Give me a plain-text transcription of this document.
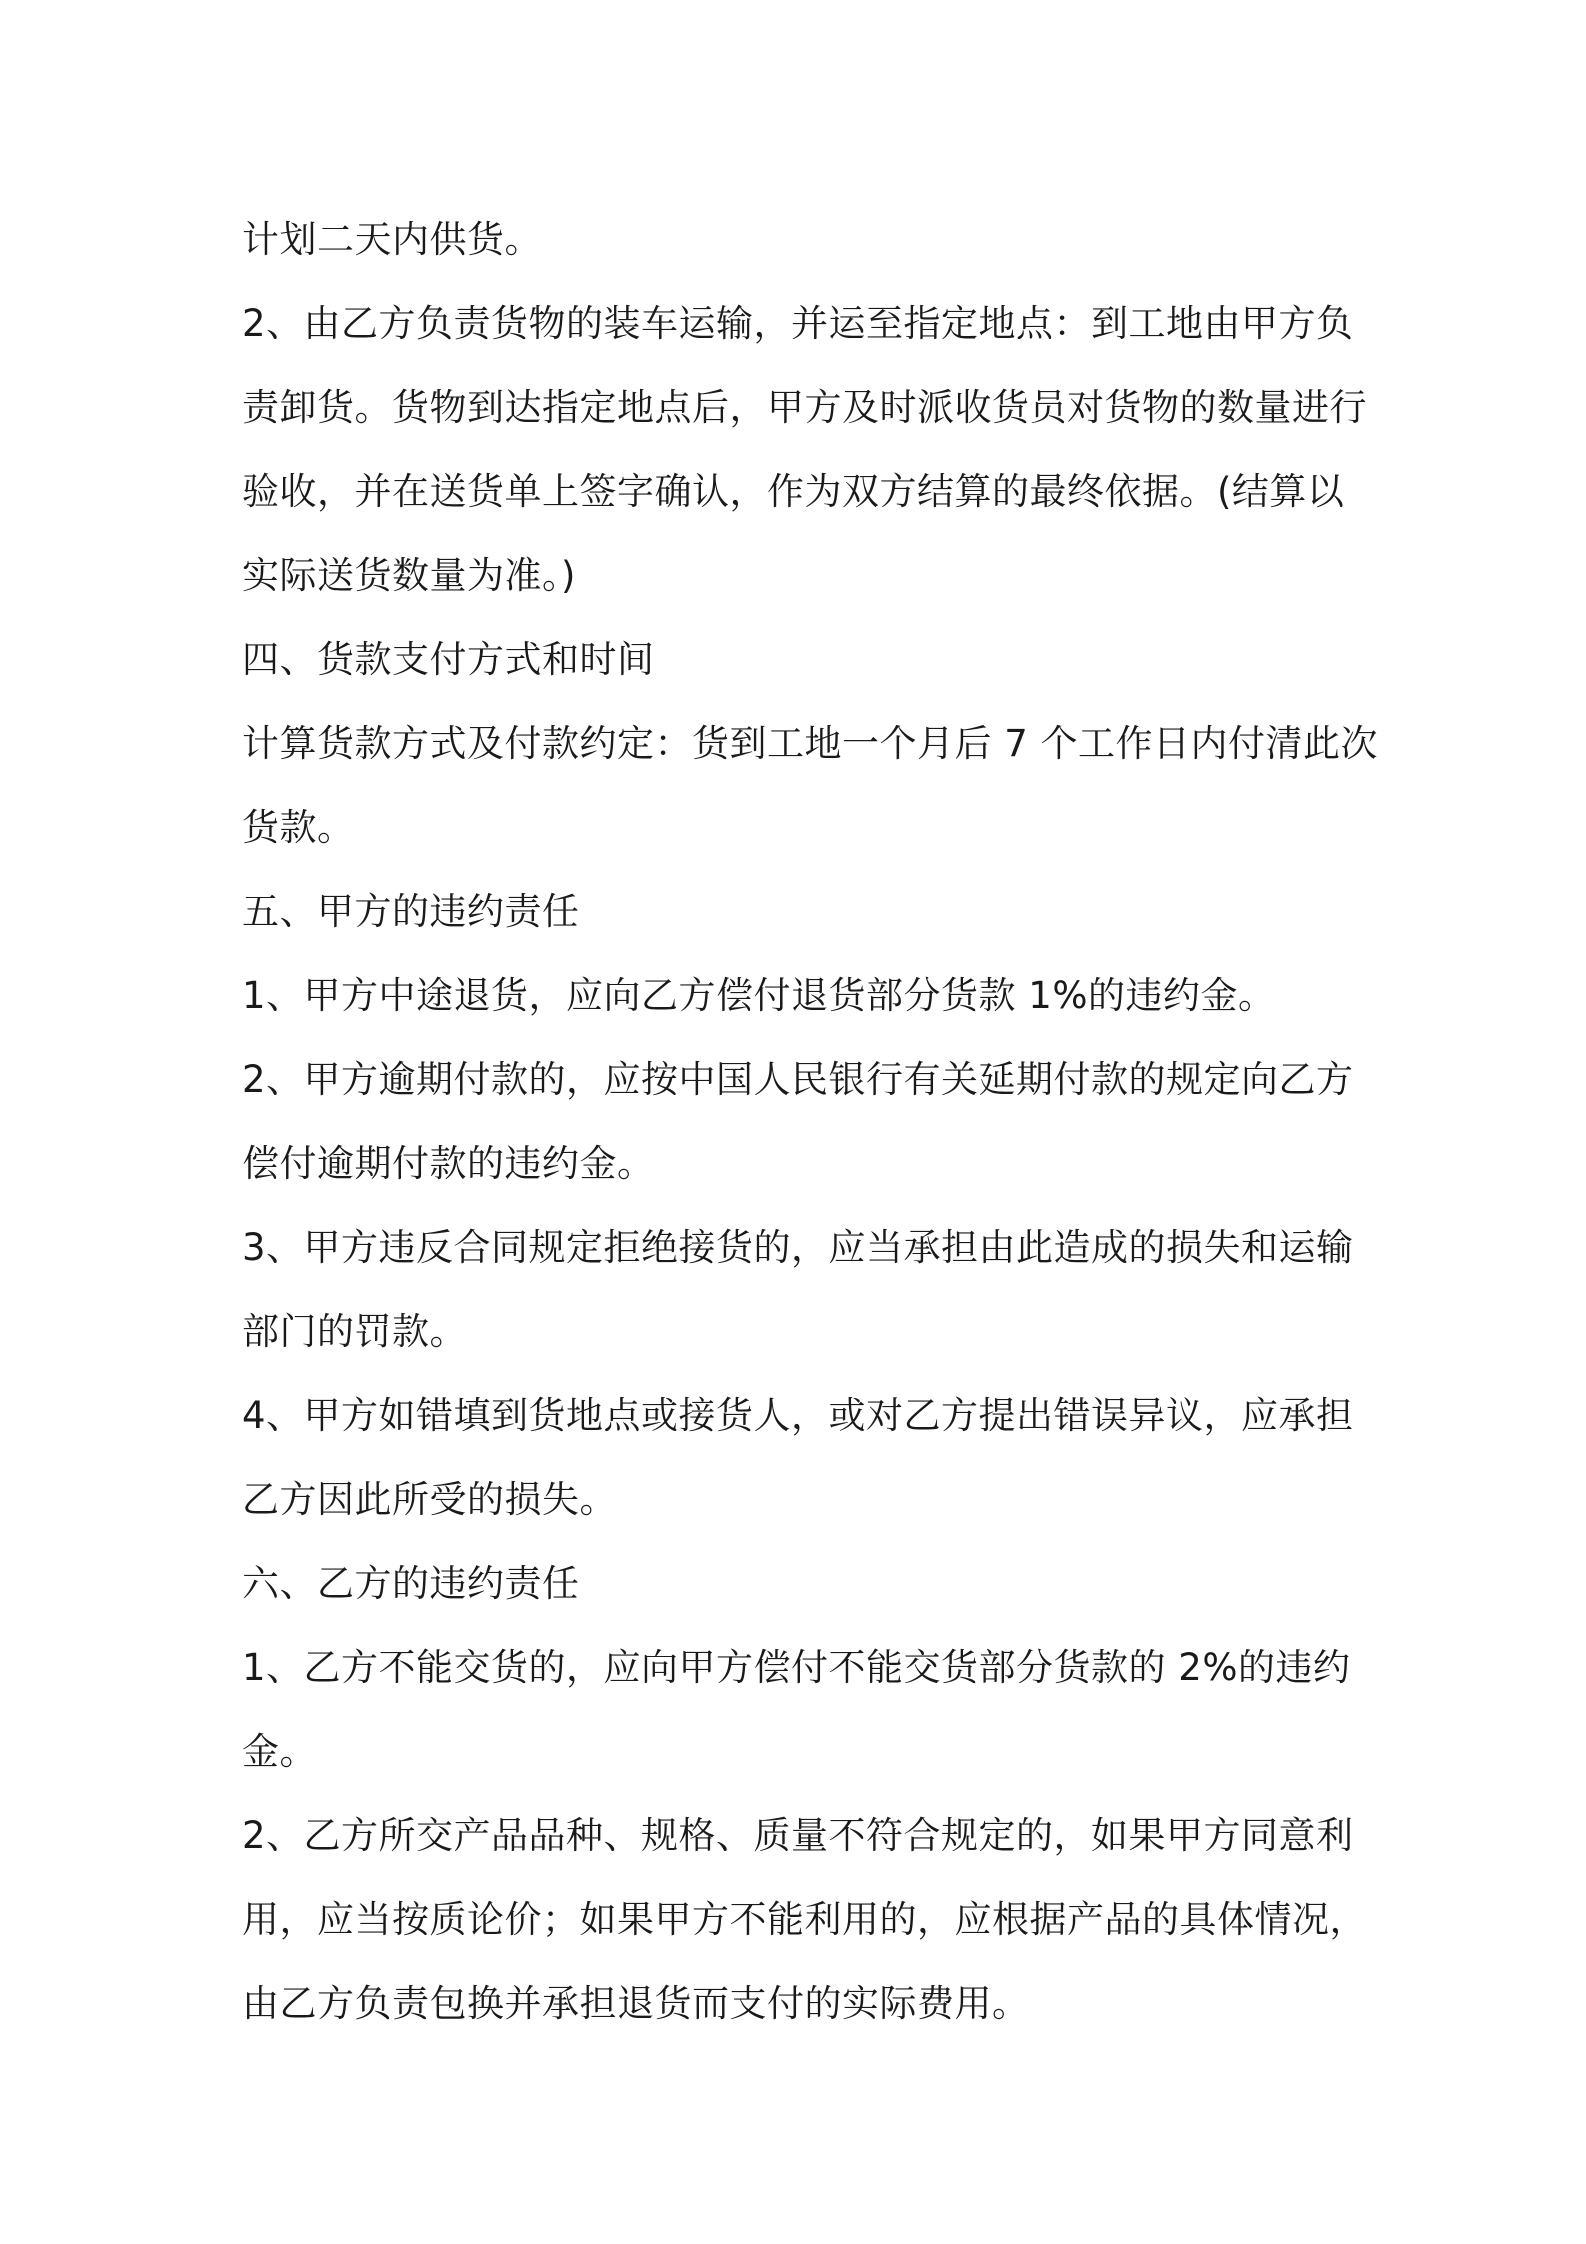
计划二天内供货。
2、由乙方负责货物的装车运输，并运至指定地点：到工地由甲方负
责卸货。货物到达指定地点后，甲方及时派收货员对货物的数量进行
验收，并在送货单上签字确认，作为双方结算的最终依据。(结算以
实际送货数量为准。)
四、货款支付方式和时间
计算货款方式及付款约定：货到工地一个月后 7 个工作日内付清此次
货款。
五、甲方的违约责任
1、甲方中途退货，应向乙方偿付退货部分货款 1%的违约金。
2、甲方逾期付款的，应按中国人民银行有关延期付款的规定向乙方
偿付逾期付款的违约金。
3、甲方违反合同规定拒绝接货的，应当承担由此造成的损失和运输
部门的罚款。
4、甲方如错填到货地点或接货人，或对乙方提出错误异议，应承担
乙方因此所受的损失。
六、乙方的违约责任
1、乙方不能交货的，应向甲方偿付不能交货部分货款的 2%的违约
金。
2、乙方所交产品品种、规格、质量不符合规定的，如果甲方同意利
用，应当按质论价；如果甲方不能利用的，应根据产品的具体情况，
由乙方负责包换并承担退货而支付的实际费用。
